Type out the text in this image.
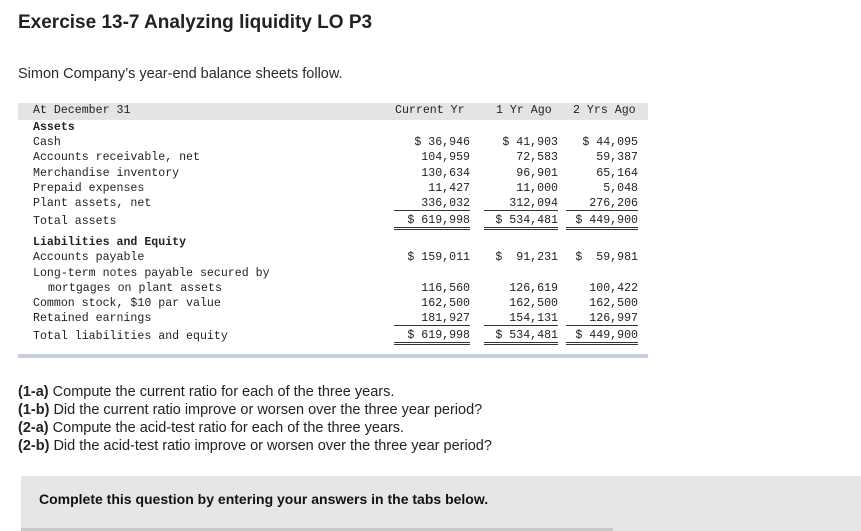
Exercise 13-7 Analyzing liquidity LO P3
Simon Company’s year-end balance sheets follow.
At December 31	Current Yr	1 Yr Ago 2 Yrs Ago
Assets
Cash	$ 36,946	$ 41,903	$ 44,095
Accounts receivable, net	104,959	72,583	59,387
Merchandise inventory	130,634	96,901	65,164
Prepaid expenses	11,427	11,000	5,048
Plant assets, net	336,032	312,094	276,206
Total assets	$ 619,998	$ 534,481	$ 449,900
Liabilities and Equity
Accounts payable	$ 159,011	$  91,231	$  59,981
Long-term notes payable secured by
mortgages on plant assets	116,560	126,619	100,422
Common stock, $10 par value	162,500	162,500	162,500
Retained earnings	181,927	154,131	126,997
Total liabilities and equity	$ 619,998	$ 534,481	$ 449,900
(1-a) Compute the current ratio for each of the three years.
(1-b) Did the current ratio improve or worsen over the three year period?
(2-a) Compute the acid-test ratio for each of the three years.
(2-b) Did the acid-test ratio improve or worsen over the three year period?
Complete this question by entering your answers in the tabs below.
